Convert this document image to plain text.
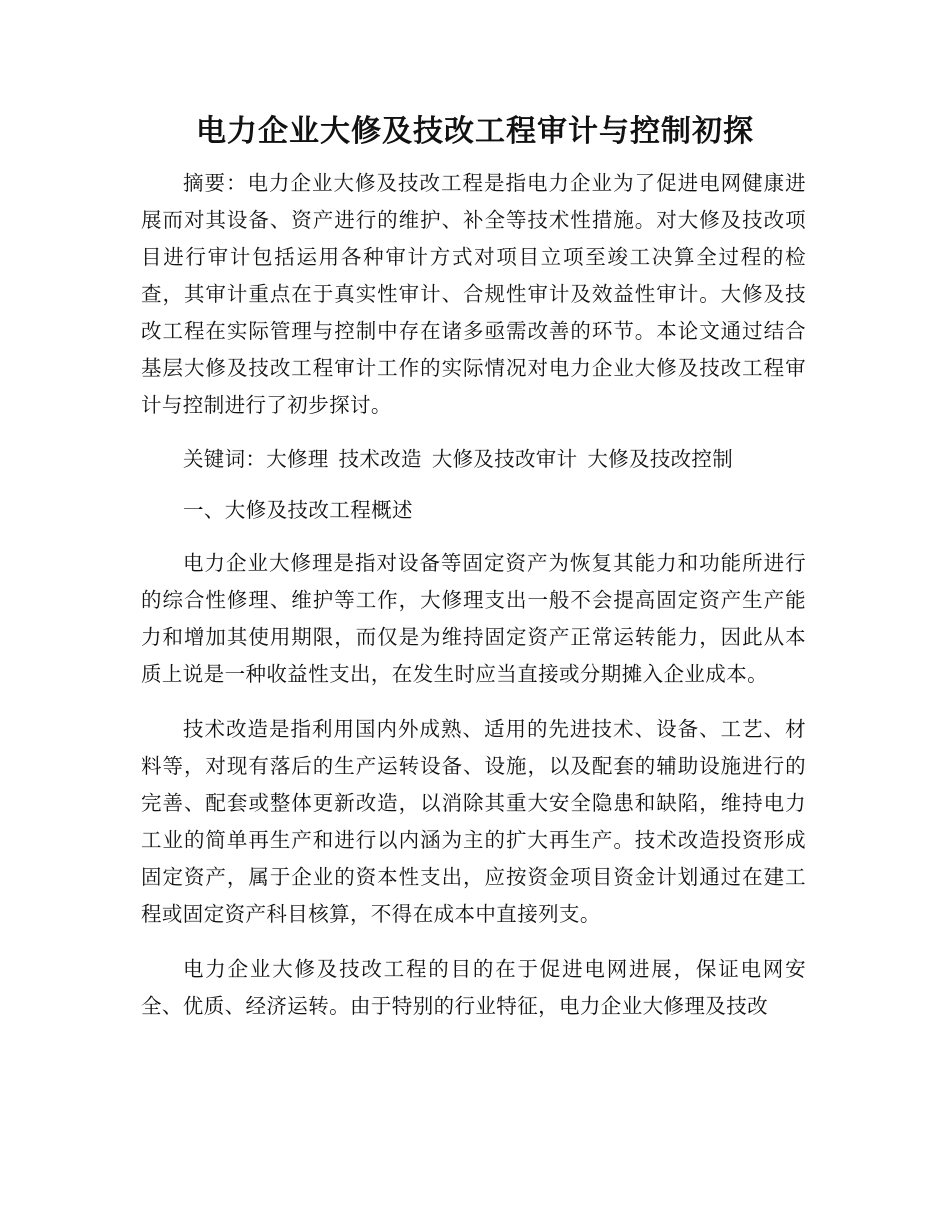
电力企业大修及技改工程审计与控制初探

摘要：电力企业大修及技改工程是指电力企业为了促进电网健康进展而对其设备、资产进行的维护、补全等技术性措施。对大修及技改项目进行审计包括运用各种审计方式对项目立项至竣工决算全过程的检查，其审计重点在于真实性审计、合规性审计及效益性审计。大修及技改工程在实际管理与控制中存在诸多亟需改善的环节。本论文通过结合基层大修及技改工程审计工作的实际情况对电力企业大修及技改工程审计与控制进行了初步探讨。

关键词：大修理 技术改造 大修及技改审计 大修及技改控制

一、大修及技改工程概述

电力企业大修理是指对设备等固定资产为恢复其能力和功能所进行的综合性修理、维护等工作，大修理支出一般不会提高固定资产生产能力和增加其使用期限，而仅是为维持固定资产正常运转能力，因此从本质上说是一种收益性支出，在发生时应当直接或分期摊入企业成本。

技术改造是指利用国内外成熟、适用的先进技术、设备、工艺、材料等，对现有落后的生产运转设备、设施，以及配套的辅助设施进行的完善、配套或整体更新改造，以消除其重大安全隐患和缺陷，维持电力工业的简单再生产和进行以内涵为主的扩大再生产。技术改造投资形成固定资产，属于企业的资本性支出，应按资金项目资金计划通过在建工程或固定资产科目核算，不得在成本中直接列支。

电力企业大修及技改工程的目的在于促进电网进展，保证电网安全、优质、经济运转。由于特别的行业特征，电力企业大修理及技改
